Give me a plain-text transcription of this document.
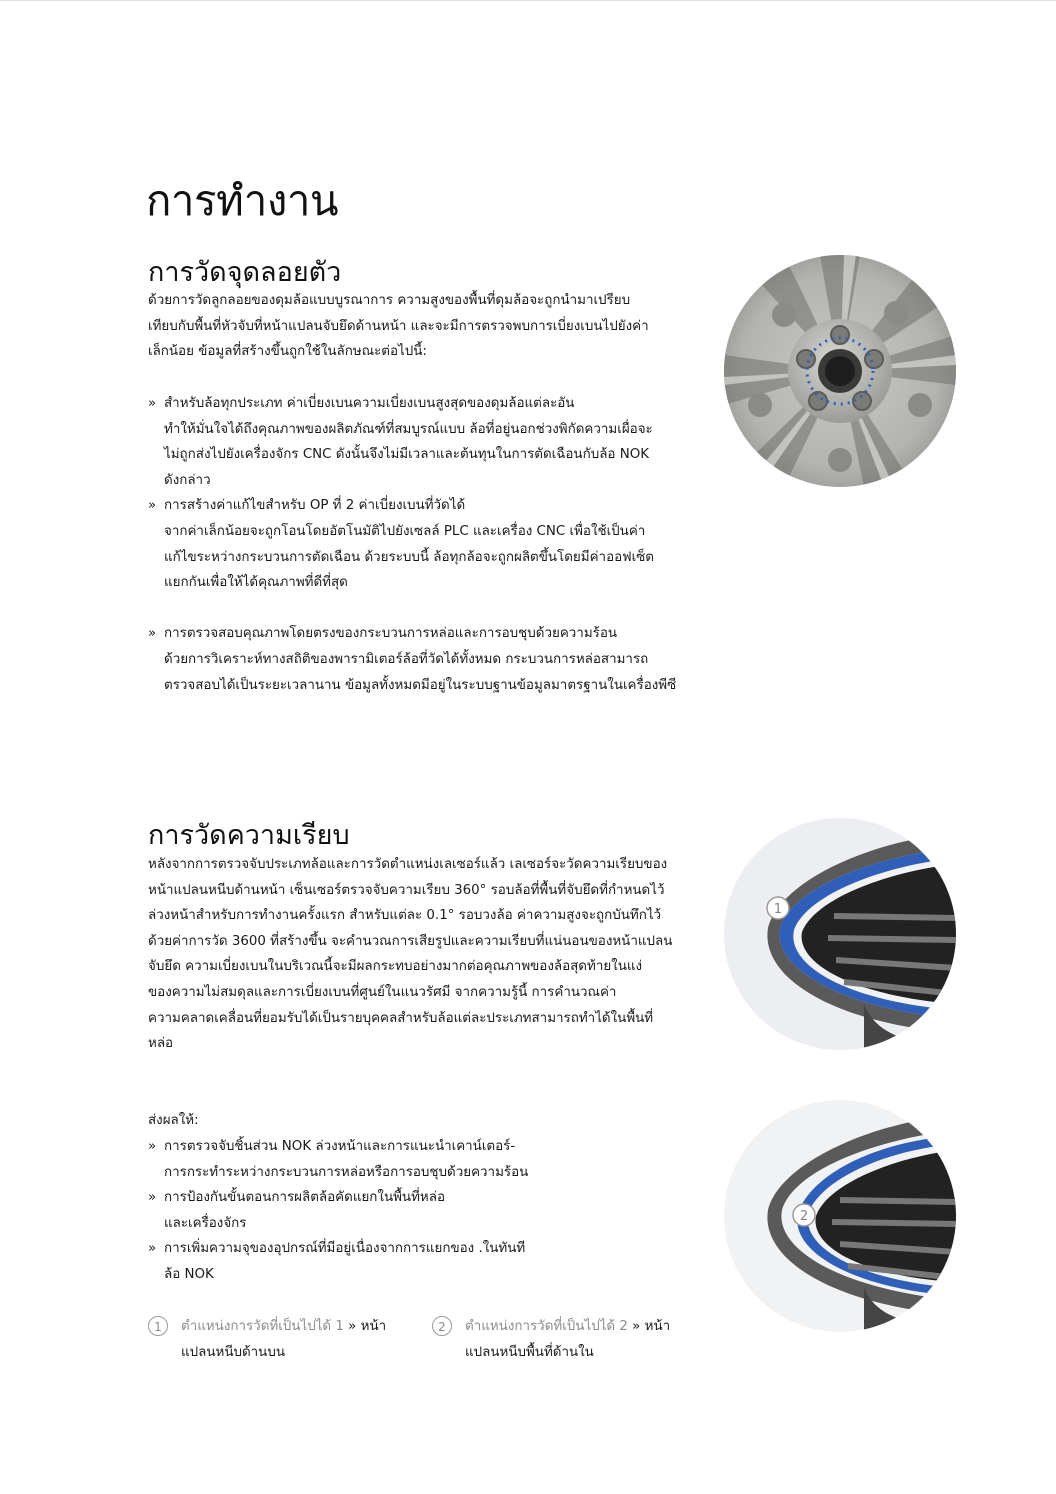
การทำงาน
การวัดจุดลอยตัว

ด้วยการวัดลูกลอยของดุมล้อแบบบูรณาการ ความสูงของพื้นที่ดุมล้อจะถูกนำมาเปรียบ
เทียบกับพื้นที่หัวจับที่หน้าแปลนจับยึดด้านหน้า และจะมีการตรวจพบการเบี่ยงเบนไปยังค่า
เล็กน้อย ข้อมูลที่สร้างขึ้นถูกใช้ในลักษณะต่อไปนี้:

» สำหรับล้อทุกประเภท ค่าเบี่ยงเบนความเบี่ยงเบนสูงสุดของดุมล้อแต่ละอัน
ทำให้มั่นใจได้ถึงคุณภาพของผลิตภัณฑ์ที่สมบูรณ์แบบ ล้อที่อยู่นอกช่วงพิกัดความเผื่อจะ
ไม่ถูกส่งไปยังเครื่องจักร CNC ดังนั้นจึงไม่มีเวลาและต้นทุนในการตัดเฉือนกับล้อ NOK
ดังกล่าว
» การสร้างค่าแก้ไขสำหรับ OP ที่ 2 ค่าเบี่ยงเบนที่วัดได้
จากค่าเล็กน้อยจะถูกโอนโดยอัตโนมัติไปยังเซลล์ PLC และเครื่อง CNC เพื่อใช้เป็นค่า
แก้ไขระหว่างกระบวนการตัดเฉือน ด้วยระบบนี้ ล้อทุกล้อจะถูกผลิตขึ้นโดยมีค่าออฟเซ็ต
แยกกันเพื่อให้ได้คุณภาพที่ดีที่สุด
» การตรวจสอบคุณภาพโดยตรงของกระบวนการหล่อและการอบชุบด้วยความร้อน
ด้วยการวิเคราะห์ทางสถิติของพารามิเตอร์ล้อที่วัดได้ทั้งหมด กระบวนการหล่อสามารถ
ตรวจสอบได้เป็นระยะเวลานาน ข้อมูลทั้งหมดมีอยู่ในระบบฐานข้อมูลมาตรฐานในเครื่องพีซี
การวัดความเรียบ

หลังจากการตรวจจับประเภทล้อและการวัดตำแหน่งเลเซอร์แล้ว เลเซอร์จะวัดความเรียบของ
หน้าแปลนหนีบด้านหน้า เซ็นเซอร์ตรวจจับความเรียบ 360° รอบล้อที่พื้นที่จับยึดที่กำหนดไว้
ล่วงหน้าสำหรับการทำงานครั้งแรก สำหรับแต่ละ 0.1° รอบวงล้อ ค่าความสูงจะถูกบันทึกไว้
ด้วยค่าการวัด 3600 ที่สร้างขึ้น จะคำนวณการเสียรูปและความเรียบที่แน่นอนของหน้าแปลน
จับยึด ความเบี่ยงเบนในบริเวณนี้จะมีผลกระทบอย่างมากต่อคุณภาพของล้อสุดท้ายในแง่
ของความไม่สมดุลและการเบี่ยงเบนที่ศูนย์ในแนวรัศมี จากความรู้นี้ การคำนวณค่า
ความคลาดเคลื่อนที่ยอมรับได้เป็นรายบุคคลสำหรับล้อแต่ละประเภทสามารถทำได้ในพื้นที่
หล่อ

ส่งผลให้:

» การตรวจจับชิ้นส่วน NOK ล่วงหน้าและการแนะนำเคาน์เตอร์-
การกระทำระหว่างกระบวนการหล่อหรือการอบชุบด้วยความร้อน
» การป้องกันขั้นตอนการผลิตล้อคัดแยกในพื้นที่หล่อ
และเครื่องจักร
» การเพิ่มความจุของอุปกรณ์ที่มีอยู่เนื่องจากการแยกของ .ในทันที
ล้อ NOK
1
2
1	ตำแหน่งการวัดที่เป็นไปได้ 1 » หน้า
แปลนหนีบด้านบน
2	ตำแหน่งการวัดที่เป็นไปได้ 2 » หน้า
แปลนหนีบพื้นที่ด้านใน
